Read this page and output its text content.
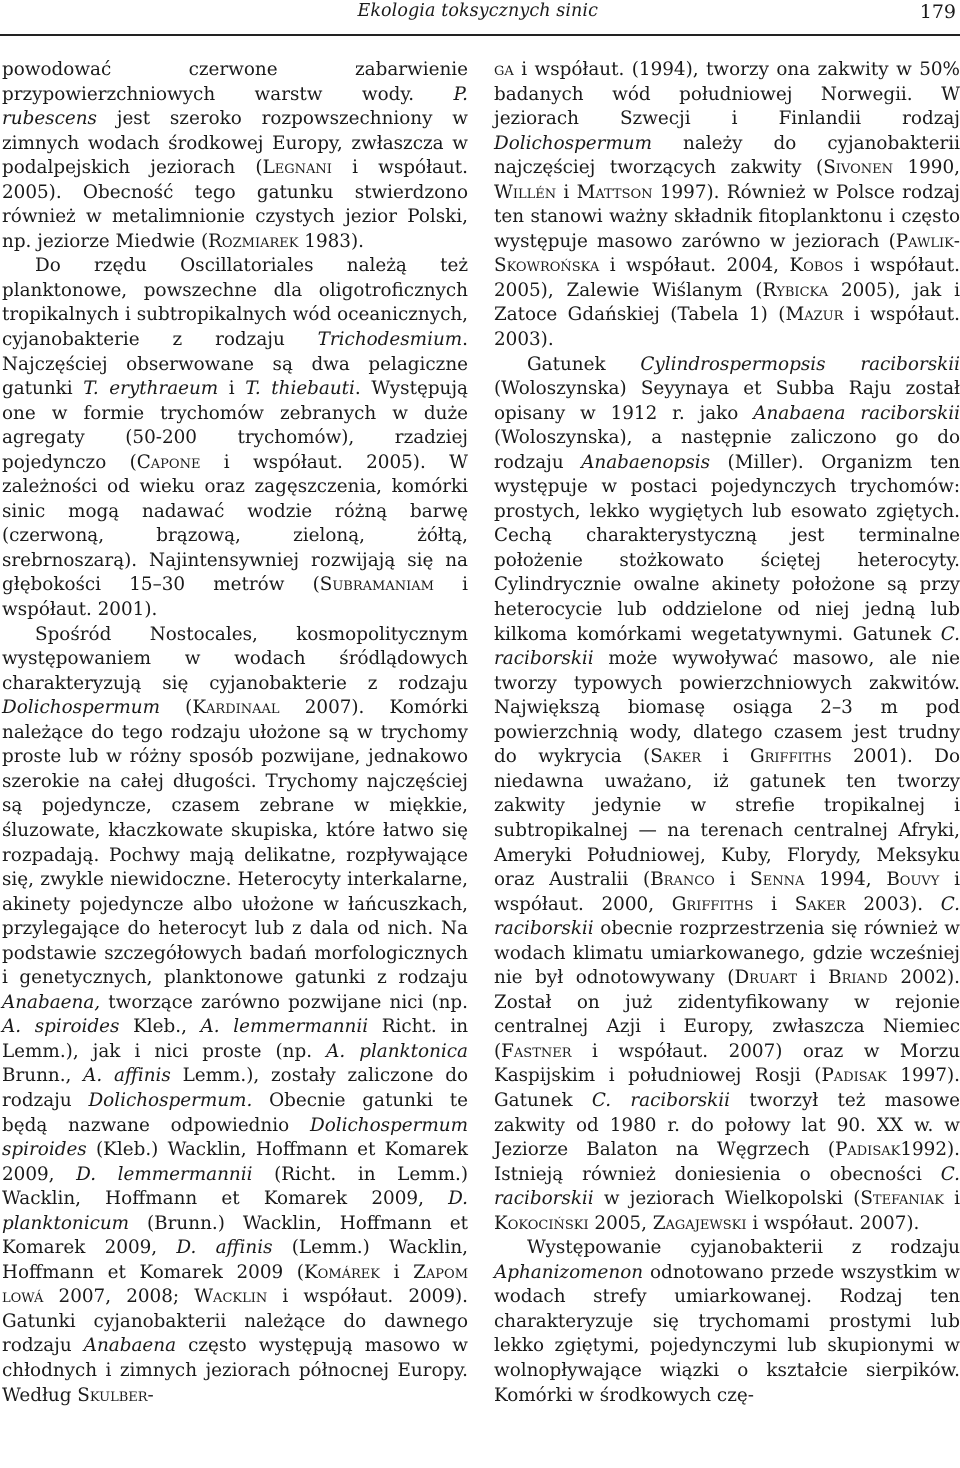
Ekologia toksycznych sinic	179

powodować czerwone zabarwienie przypowierzchniowych warstw wody. P. rubescens jest szeroko rozpowszechniony w zimnych wodach środkowej Europy, zwłaszcza w podalpejskich jeziorach (Legnani i współaut. 2005). Obecność tego gatunku stwierdzono również w metalimnionie czystych jezior Polski, np. jeziorze Miedwie (Rozmiarek 1983).

Do rzędu Oscillatoriales należą też planktonowe, powszechne dla oligotroficznych tropikalnych i subtropikalnych wód oceanicznych, cyjanobakterie z rodzaju Trichodesmium. Najczęściej obserwowane są dwa pelagiczne gatunki T. erythraeum i T. thiebauti. Występują one w formie trychomów zebranych w duże agregaty (50-200 trychomów), rzadziej pojedynczo (Capone i współaut. 2005). W zależności od wieku oraz zagęszczenia, komórki sinic mogą nadawać wodzie różną barwę (czerwoną, brązową, zieloną, żółtą, srebrnoszarą). Najintensywniej rozwijają się na głębokości 15–30 metrów (Subramaniam i współaut. 2001).

Spośród Nostocales, kosmopolitycznym występowaniem w wodach śródlądowych charakteryzują się cyjanobakterie z rodzaju Dolichospermum (Kardinaal 2007). Komórki należące do tego rodzaju ułożone są w trychomy proste lub w różny sposób pozwijane, jednakowo szerokie na całej długości. Trychomy najczęściej są pojedyncze, czasem zebrane w miękkie, śluzowate, kłaczkowate skupiska, które łatwo się rozpadają. Pochwy mają delikatne, rozpływające się, zwykle niewidoczne. Heterocyty interkalarne, akinety pojedyncze albo ułożone w łańcuszkach, przylegające do heterocyt lub z dala od nich. Na podstawie szczegółowych badań morfologicznych i genetycznych, planktonowe gatunki z rodzaju Anabaena, tworzące zarówno pozwijane nici (np. A. spiroides Kleb., A. lemmermannii Richt. in Lemm.), jak i nici proste (np. A. planktonica Brunn., A. affinis Lemm.), zostały zaliczone do rodzaju Dolichospermum. Obecnie gatunki te będą nazwane odpowiednio Dolichospermum spiroides (Kleb.) Wacklin, Hoffmann et Komarek 2009, D. lemmermannii (Richt. in Lemm.) Wacklin, Hoffmann et Komarek 2009, D. planktonicum (Brunn.) Wacklin, Hoffmann et Komarek 2009, D. affinis (Lemm.) Wacklin, Hoffmann et Komarek 2009 (Komárek i Zapom lowá 2007, 2008; Wacklin i współaut. 2009). Gatunki cyjanobakterii należące do dawnego rodzaju Anabaena często występują masowo w chłodnych i zimnych jeziorach północnej Europy. Według Skulber-

ga i współaut. (1994), tworzy ona zakwity w 50% badanych wód południowej Norwegii. W jeziorach Szwecji i Finlandii rodzaj Dolichospermum należy do cyjanobakterii najczęściej tworzących zakwity (Sivonen 1990, Willén i Mattson 1997). Również w Polsce rodzaj ten stanowi ważny składnik fitoplanktonu i często występuje masowo zarówno w jeziorach (Pawlik-Skowrońska i współaut. 2004, Kobos i współaut. 2005), Zalewie Wiślanym (Rybicka 2005), jak i Zatoce Gdańskiej (Tabela 1) (Mazur i współaut. 2003).

Gatunek Cylindrospermopsis raciborskii (Woloszynska) Seyynaya et Subba Raju został opisany w 1912 r. jako Anabaena raciborskii (Woloszynska), a następnie zaliczono go do rodzaju Anabaenopsis (Miller). Organizm ten występuje w postaci pojedynczych trychomów: prostych, lekko wygiętych lub esowato zgiętych. Cechą charakterystyczną jest terminalne położenie stożkowato ściętej heterocyty. Cylindrycznie owalne akinety położone są przy heterocycie lub oddzielone od niej jedną lub kilkoma komórkami wegetatywnymi. Gatunek C. raciborskii może wywoływać masowo, ale nie tworzy typowych powierzchniowych zakwitów. Największą biomasę osiąga 2–3 m pod powierzchnią wody, dlatego czasem jest trudny do wykrycia (Saker i Griffiths 2001). Do niedawna uważano, iż gatunek ten tworzy zakwity jedynie w strefie tropikalnej i subtropikalnej — na terenach centralnej Afryki, Ameryki Południowej, Kuby, Florydy, Meksyku oraz Australii (Branco i Senna 1994, Bouvy i współaut. 2000, Griffiths i Saker 2003). C. raciborskii obecnie rozprzestrzenia się również w wodach klimatu umiarkowanego, gdzie wcześniej nie był odnotowywany (Druart i Briand 2002). Został on już zidentyfikowany w rejonie centralnej Azji i Europy, zwłaszcza Niemiec (Fastner i współaut. 2007) oraz w Morzu Kaspijskim i południowej Rosji (Padisak 1997). Gatunek C. raciborskii tworzył też masowe zakwity od 1980 r. do połowy lat 90. XX w. w Jeziorze Balaton na Węgrzech (Padisak1992). Istnieją również doniesienia o obecności C. raciborskii w jeziorach Wielkopolski (Stefaniak i Kokociński 2005, Zagajewski i współaut. 2007).

Występowanie cyjanobakterii z rodzaju Aphanizomenon odnotowano przede wszystkim w wodach strefy umiarkowanej. Rodzaj ten charakteryzuje się trychomami prostymi lub lekko zgiętymi, pojedynczymi lub skupionymi w wolnopływające wiązki o kształcie sierpików. Komórki w środkowych czę-
